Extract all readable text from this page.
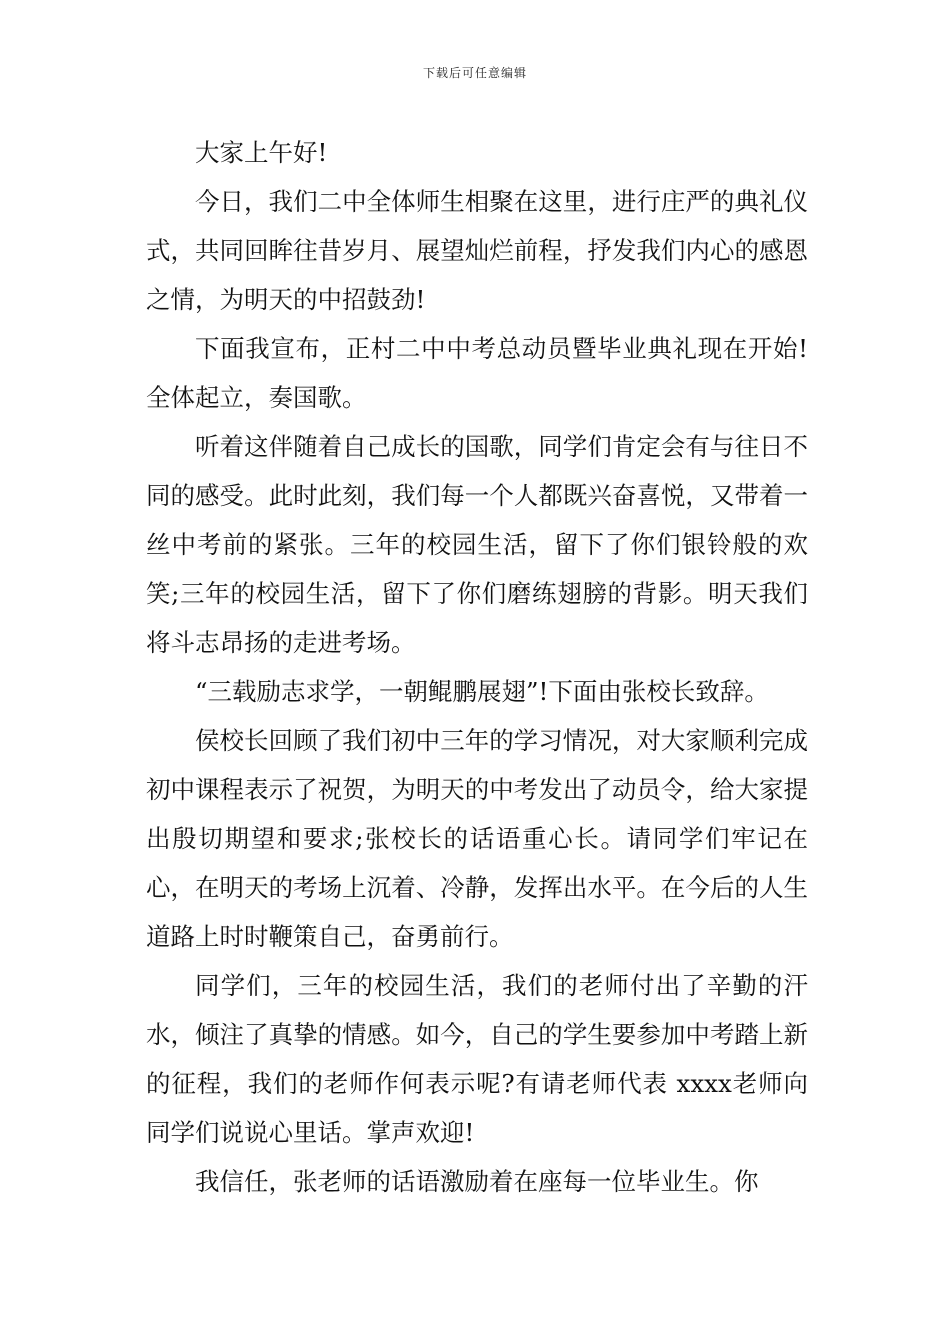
下载后可任意编辑

大家上午好!

今日，我们二中全体师生相聚在这里，进行庄严的典礼仪式，共同回眸往昔岁月、展望灿烂前程，抒发我们内心的感恩之情，为明天的中招鼓劲!

下面我宣布，正村二中中考总动员暨毕业典礼现在开始!全体起立，奏国歌。

听着这伴随着自己成长的国歌，同学们肯定会有与往日不同的感受。此时此刻，我们每一个人都既兴奋喜悦，又带着一丝中考前的紧张。三年的校园生活，留下了你们银铃般的欢笑;三年的校园生活，留下了你们磨练翅膀的背影。明天我们将斗志昂扬的走进考场。

“三载励志求学，一朝鲲鹏展翅”!下面由张校长致辞。

侯校长回顾了我们初中三年的学习情况，对大家顺利完成初中课程表示了祝贺，为明天的中考发出了动员令，给大家提出殷切期望和要求;张校长的话语重心长。请同学们牢记在心，在明天的考场上沉着、冷静，发挥出水平。在今后的人生道路上时时鞭策自己，奋勇前行。

同学们，三年的校园生活，我们的老师付出了辛勤的汗水，倾注了真挚的情感。如今，自己的学生要参加中考踏上新的征程，我们的老师作何表示呢?有请老师代表 xxxx老师向同学们说说心里话。掌声欢迎!

我信任，张老师的话语激励着在座每一位毕业生。你
